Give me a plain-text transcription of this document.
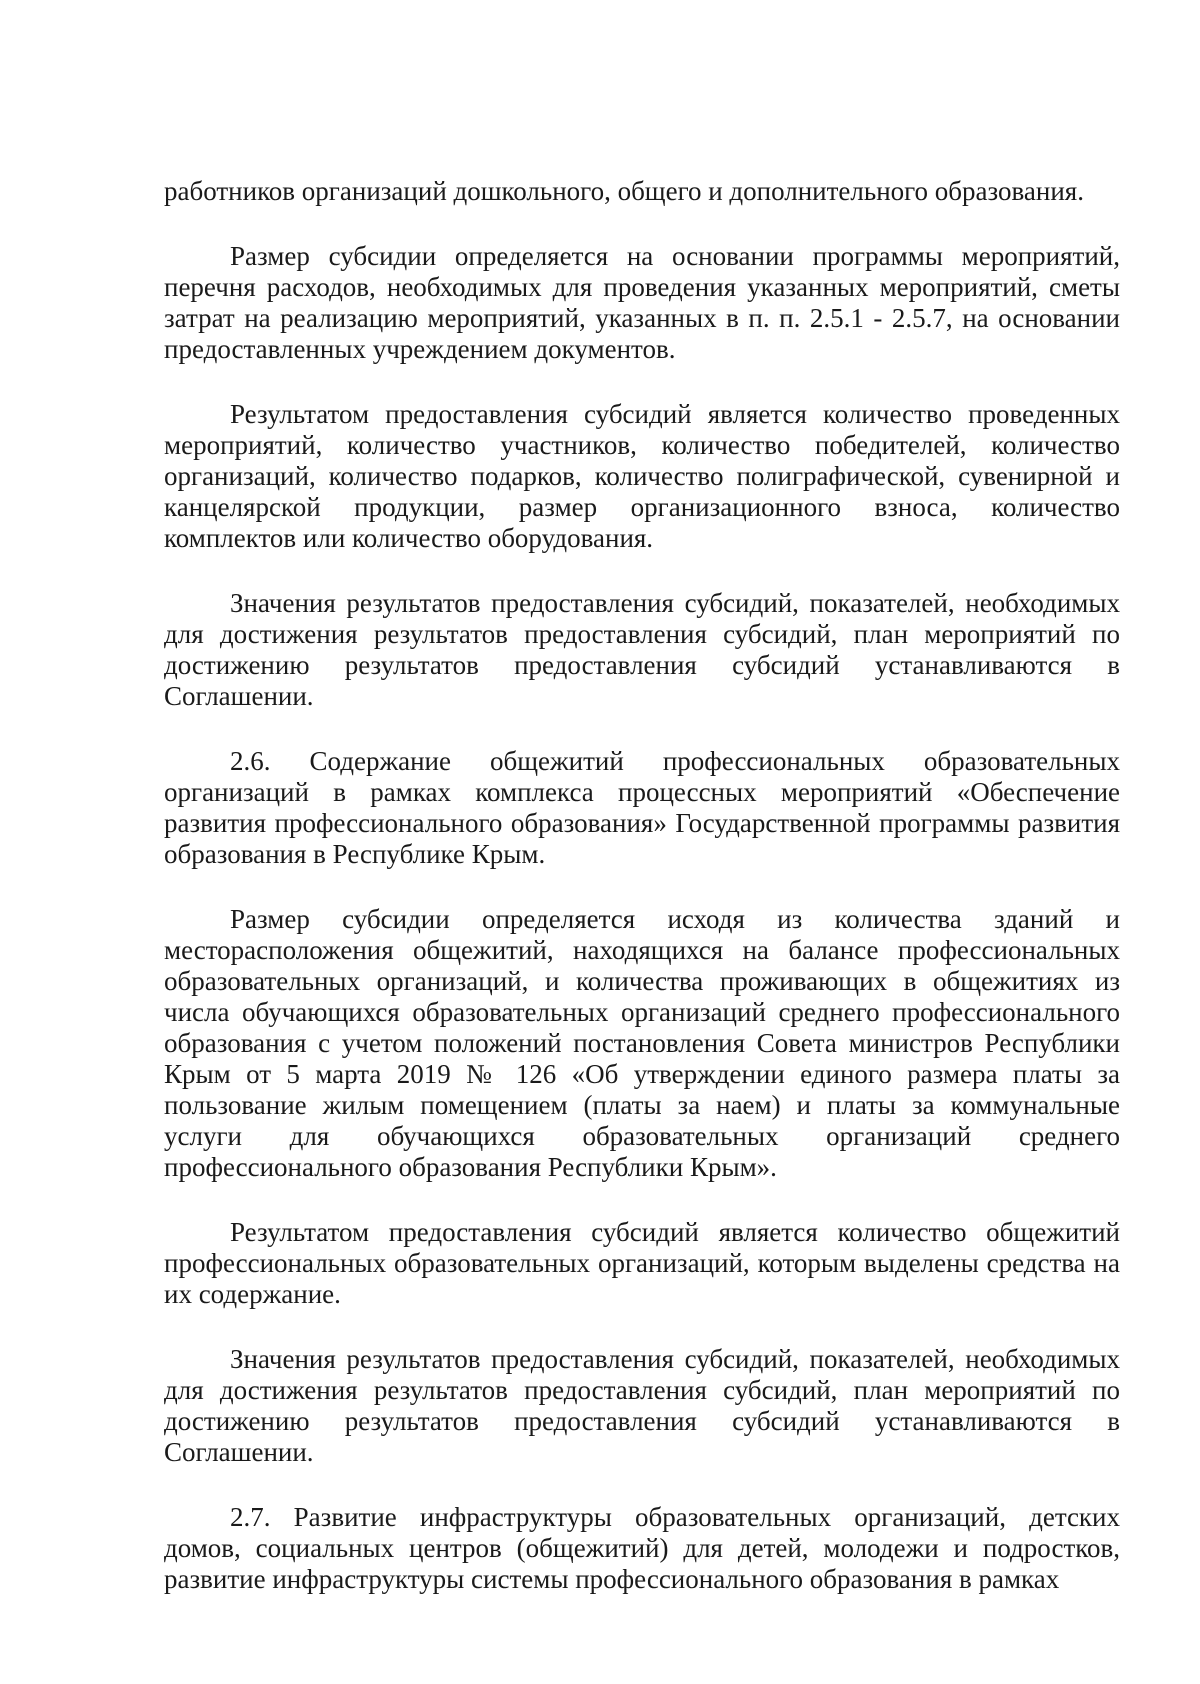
работников организаций дошкольного, общего и дополнительного образования.

Размер субсидии определяется на основании программы мероприятий, перечня расходов, необходимых для проведения указанных мероприятий, сметы затрат на реализацию мероприятий, указанных в п. п. 2.5.1 - 2.5.7, на основании предоставленных учреждением документов.

Результатом предоставления субсидий является количество проведенных мероприятий, количество участников, количество победителей, количество организаций, количество подарков, количество полиграфической, сувенирной и канцелярской продукции, размер организационного взноса, количество комплектов или количество оборудования.

Значения результатов предоставления субсидий, показателей, необходимых для достижения результатов предоставления субсидий, план мероприятий по достижению результатов предоставления субсидий устанавливаются в Соглашении.

2.6. Содержание общежитий профессиональных образовательных организаций в рамках комплекса процессных мероприятий «Обеспечение развития профессионального образования» Государственной программы развития образования в Республике Крым.

Размер субсидии определяется исходя из количества зданий и месторасположения общежитий, находящихся на балансе профессиональных образовательных организаций, и количества проживающих в общежитиях из числа обучающихся образовательных организаций среднего профессионального образования с учетом положений постановления Совета министров Республики Крым от 5 марта 2019 № 126 «Об утверждении единого размера платы за пользование жилым помещением (платы за наем) и платы за коммунальные услуги для обучающихся образовательных организаций среднего профессионального образования Республики Крым».

Результатом предоставления субсидий является количество общежитий профессиональных образовательных организаций, которым выделены средства на их содержание.

Значения результатов предоставления субсидий, показателей, необходимых для достижения результатов предоставления субсидий, план мероприятий по достижению результатов предоставления субсидий устанавливаются в Соглашении.

2.7. Развитие инфраструктуры образовательных организаций, детских домов, социальных центров (общежитий) для детей, молодежи и подростков, развитие инфраструктуры системы профессионального образования в рамках
